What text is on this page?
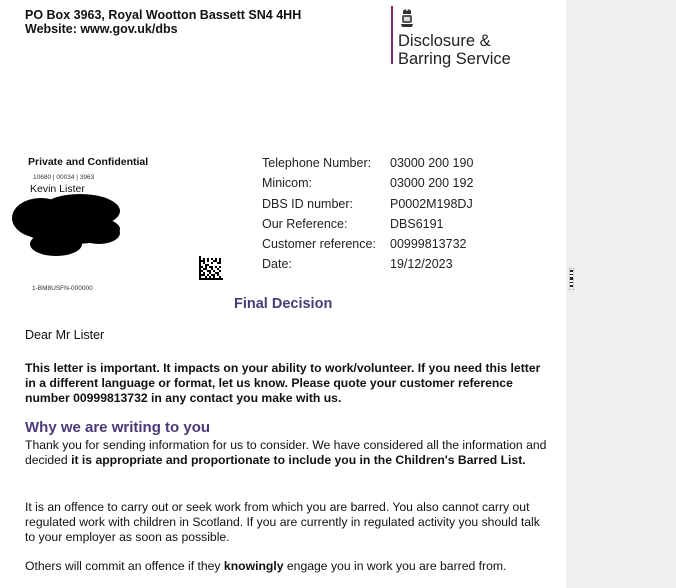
PO Box 3963, Royal Wootton Bassett SN4 4HH
Website: www.gov.uk/dbs
Disclosure &
Barring Service
Private and Confidential
10680 | 00034 | 3963
Kevin Lister
1-BM8USFN-000000
Telephone Number: 03000 200 190
Minicom:	03000 200 192
DBS ID number:	P0002M198DJ
Our Reference:	DBS6191
Customer reference: 00999813732
Date:	19/12/2023
Final Decision
Dear Mr Lister
This letter is important. It impacts on your ability to work/volunteer. If you need this letter in a different language or format, let us know. Please quote your customer reference number 00999813732 in any contact you make with us.
Why we are writing to you
Thank you for sending information for us to consider. We have considered all the information and decided it is appropriate and proportionate to include you in the Children's Barred List.
It is an offence to carry out or seek work from which you are barred. You also cannot carry out regulated work with children in Scotland. If you are currently in regulated activity you should talk to your employer as soon as possible.
Others will commit an offence if they knowingly engage you in work you are barred from.
